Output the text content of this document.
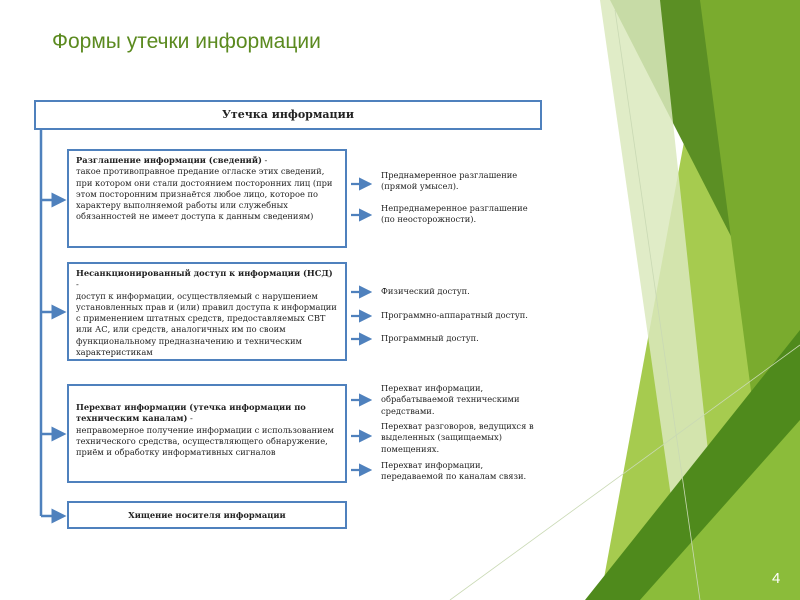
Формы утечки информации
Утечка информации
Разглашение информации (сведений) -
такое противоправное предание огласке этих сведений, при котором они стали достоянием посторонних лиц (при этом посторонним признаётся любое лицо, которое по характеру выполняемой работы или служебных обязанностей не имеет доступа к данным сведениям)
Несанкционированный доступ к информации (НСД) -
доступ к информации, осуществляемый с нарушением установленных прав и (или) правил доступа к информации с применением штатных средств, предоставляемых СВТ или АС, или средств, аналогичных им по своим функциональному предназначению и техническим характеристикам
Перехват информации (утечка информации по техническим каналам) -
неправомерное получение информации с использованием технического средства, осуществляющего обнаружение, приём и обработку информативных сигналов
Хищение носителя информации
Преднамеренное разглашение (прямой умысел).
Непреднамеренное разглашение (по неосторожности).
Физический доступ.
Программно-аппаратный доступ.
Программный доступ.
Перехват информации, обрабатываемой техническими средствами.
Перехват разговоров, ведущихся в выделенных (защищаемых) помещениях.
Перехват информации, передаваемой по каналам связи.
4
